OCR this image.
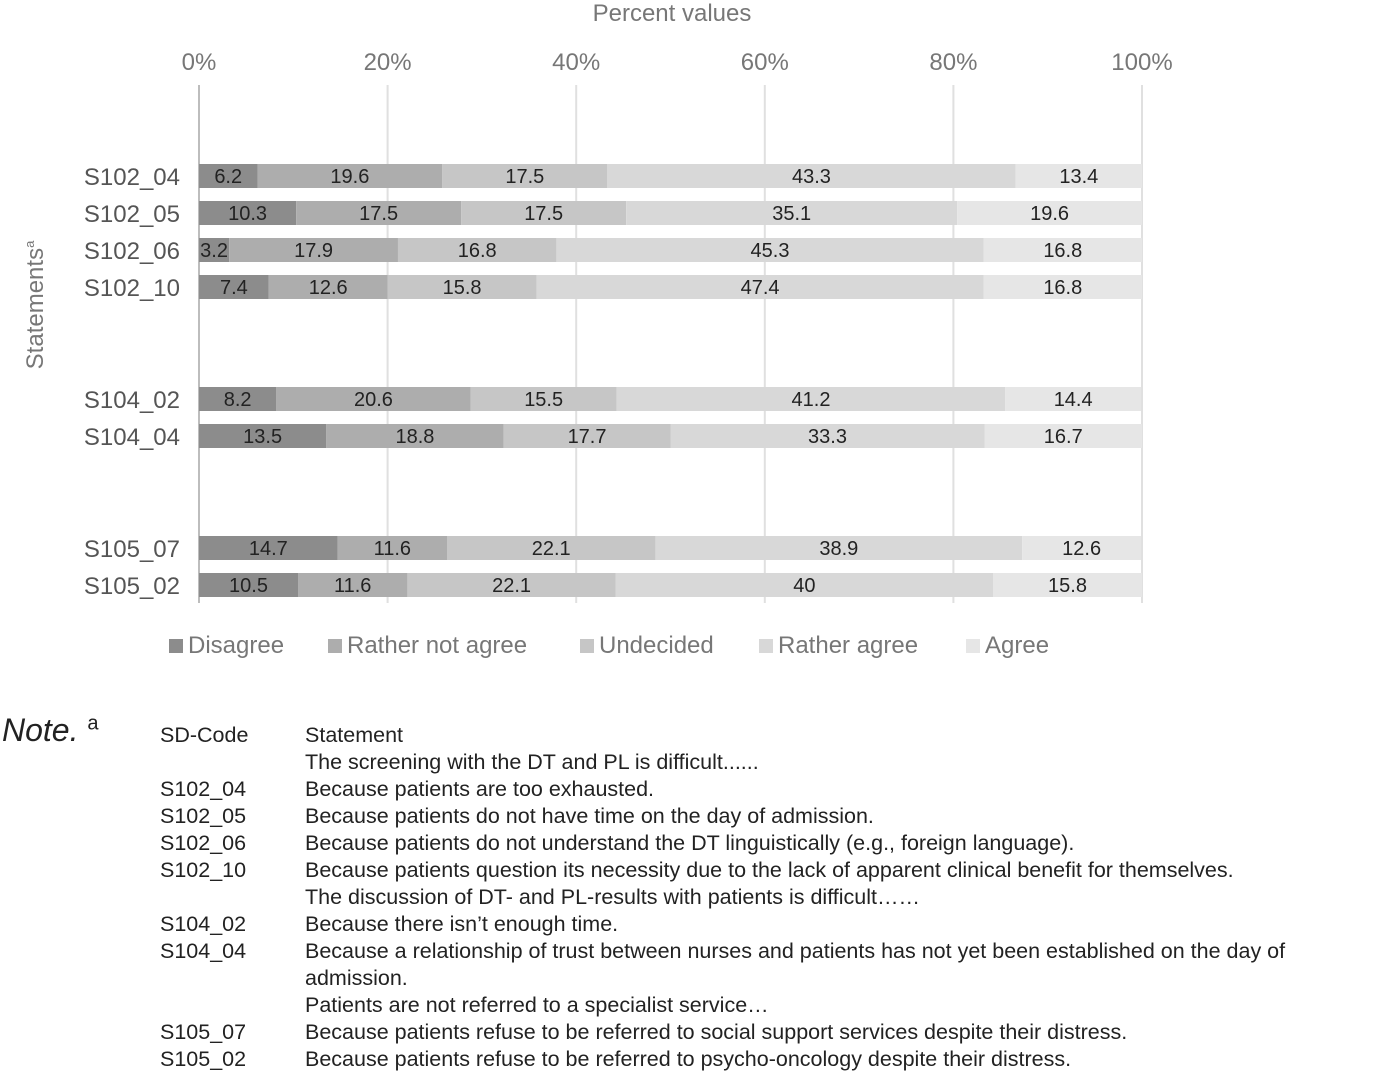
Percent values
Statements$^a$
0%	20%	40%	60%	80%	100%
S102_04 6.2	19.6	17.5	43.3	13.4
S102_05 10.3	17.5	17.5	35.1	19.6
S102_06 3.2	17.9	16.8	45.3	16.8
S102_10 7.4	12.6	15.8	47.4	16.8
S104_02 8.2	20.6	15.5	41.2	14.4
S104_04	13.5	18.8	17.7	33.3	16.7
S105_07	14.7	11.6	22.1	38.9	12.6
S105_02 10.5	11.6	22.1	40	15.8
Disagree	Rather not agree	Undecided	Rather agree	Agree
Note. $^a$	SD-Code	Statement
The screening with the DT and PL is difficult......
S102_04	Because patients are too exhausted.
S102_05	Because patients do not have time on the day of admission.
S102_06	Because patients do not understand the DT linguistically (e.g., foreign language).
S102_10	Because patients question its necessity due to the lack of apparent clinical benefit for themselves.
The discussion of DT- and PL-results with patients is difficult……
S104_02	Because there isn’t enough time.
S104_04	Because a relationship of trust between nurses and patients has not yet been established on the day of admission.
Patients are not referred to a specialist service…
S105_07	Because patients refuse to be referred to social support services despite their distress.
S105_02	Because patients refuse to be referred to psycho-oncology despite their distress.
